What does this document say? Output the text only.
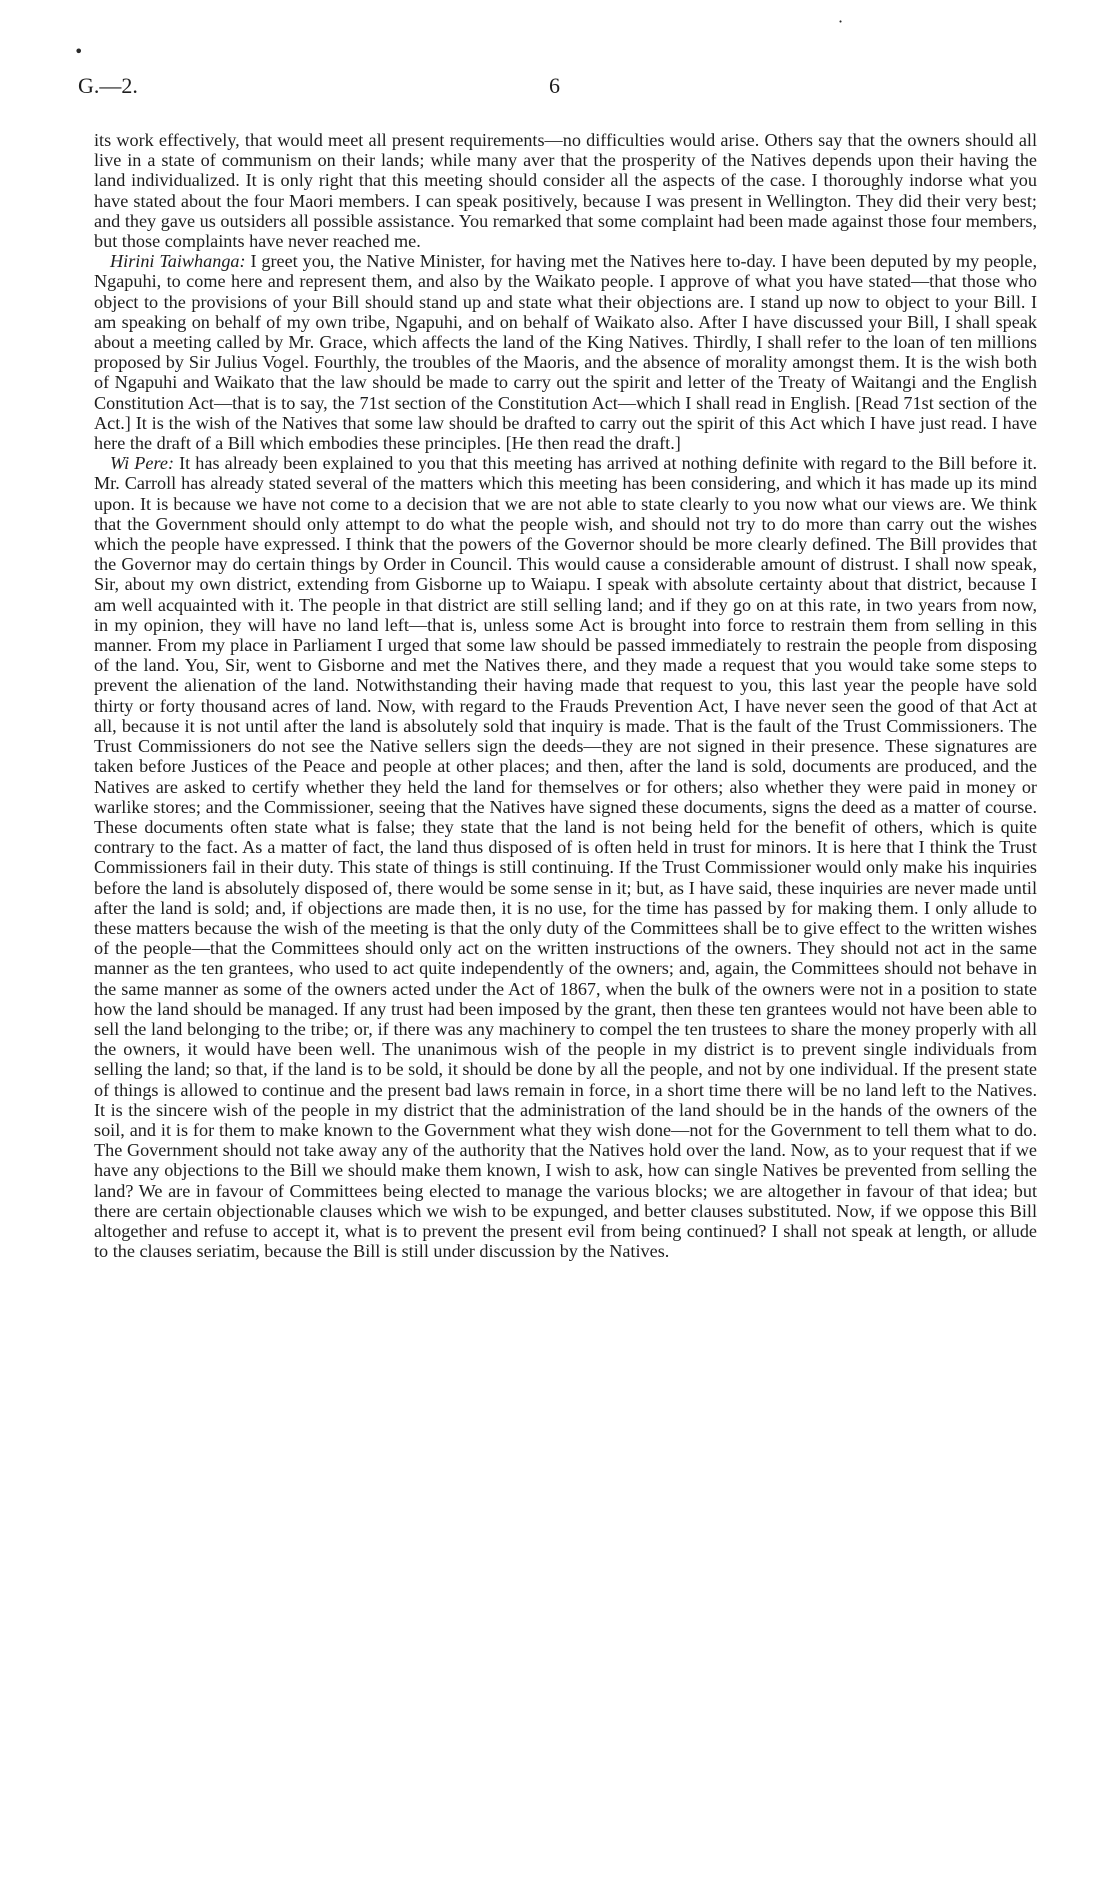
•
·
G.—2.	6

its work effectively, that would meet all present requirements—no difficulties would arise. Others say that the owners should all live in a state of communism on their lands; while many aver that the prosperity of the Natives depends upon their having the land individualized. It is only right that this meeting should consider all the aspects of the case. I thoroughly indorse what you have stated about the four Maori members. I can speak positively, because I was present in Wellington. They did their very best; and they gave us outsiders all possible assistance. You remarked that some complaint had been made against those four members, but those complaints have never reached me.

Hirini Taiwhanga: I greet you, the Native Minister, for having met the Natives here to-day. I have been deputed by my people, Ngapuhi, to come here and represent them, and also by the Waikato people. I approve of what you have stated—that those who object to the provisions of your Bill should stand up and state what their objections are. I stand up now to object to your Bill. I am speaking on behalf of my own tribe, Ngapuhi, and on behalf of Waikato also. After I have discussed your Bill, I shall speak about a meeting called by Mr. Grace, which affects the land of the King Natives. Thirdly, I shall refer to the loan of ten millions proposed by Sir Julius Vogel. Fourthly, the troubles of the Maoris, and the absence of morality amongst them. It is the wish both of Ngapuhi and Waikato that the law should be made to carry out the spirit and letter of the Treaty of Waitangi and the English Constitution Act—that is to say, the 71st section of the Constitution Act—which I shall read in English. [Read 71st section of the Act.] It is the wish of the Natives that some law should be drafted to carry out the spirit of this Act which I have just read. I have here the draft of a Bill which embodies these principles. [He then read the draft.]

Wi Pere: It has already been explained to you that this meeting has arrived at nothing definite with regard to the Bill before it. Mr. Carroll has already stated several of the matters which this meeting has been considering, and which it has made up its mind upon. It is because we have not come to a decision that we are not able to state clearly to you now what our views are. We think that the Government should only attempt to do what the people wish, and should not try to do more than carry out the wishes which the people have expressed. I think that the powers of the Governor should be more clearly defined. The Bill provides that the Governor may do certain things by Order in Council. This would cause a considerable amount of distrust. I shall now speak, Sir, about my own district, extending from Gisborne up to Waiapu. I speak with absolute certainty about that district, because I am well acquainted with it. The people in that district are still selling land; and if they go on at this rate, in two years from now, in my opinion, they will have no land left—that is, unless some Act is brought into force to restrain them from selling in this manner. From my place in Parliament I urged that some law should be passed immediately to restrain the people from disposing of the land. You, Sir, went to Gisborne and met the Natives there, and they made a request that you would take some steps to prevent the alienation of the land. Notwithstanding their having made that request to you, this last year the people have sold thirty or forty thousand acres of land. Now, with regard to the Frauds Prevention Act, I have never seen the good of that Act at all, because it is not until after the land is absolutely sold that inquiry is made. That is the fault of the Trust Commissioners. The Trust Commissioners do not see the Native sellers sign the deeds—they are not signed in their presence. These signatures are taken before Justices of the Peace and people at other places; and then, after the land is sold, documents are produced, and the Natives are asked to certify whether they held the land for themselves or for others; also whether they were paid in money or warlike stores; and the Commissioner, seeing that the Natives have signed these documents, signs the deed as a matter of course. These documents often state what is false; they state that the land is not being held for the benefit of others, which is quite contrary to the fact. As a matter of fact, the land thus disposed of is often held in trust for minors. It is here that I think the Trust Commissioners fail in their duty. This state of things is still continuing. If the Trust Commissioner would only make his inquiries before the land is absolutely disposed of, there would be some sense in it; but, as I have said, these inquiries are never made until after the land is sold; and, if objections are made then, it is no use, for the time has passed by for making them. I only allude to these matters because the wish of the meeting is that the only duty of the Committees shall be to give effect to the written wishes of the people—that the Committees should only act on the written instructions of the owners. They should not act in the same manner as the ten grantees, who used to act quite independently of the owners; and, again, the Committees should not behave in the same manner as some of the owners acted under the Act of 1867, when the bulk of the owners were not in a position to state how the land should be managed. If any trust had been imposed by the grant, then these ten grantees would not have been able to sell the land belonging to the tribe; or, if there was any machinery to compel the ten trustees to share the money properly with all the owners, it would have been well. The unanimous wish of the people in my district is to prevent single individuals from selling the land; so that, if the land is to be sold, it should be done by all the people, and not by one individual. If the present state of things is allowed to continue and the present bad laws remain in force, in a short time there will be no land left to the Natives. It is the sincere wish of the people in my district that the administration of the land should be in the hands of the owners of the soil, and it is for them to make known to the Government what they wish done—not for the Government to tell them what to do. The Government should not take away any of the authority that the Natives hold over the land. Now, as to your request that if we have any objections to the Bill we should make them known, I wish to ask, how can single Natives be prevented from selling the land? We are in favour of Committees being elected to manage the various blocks; we are altogether in favour of that idea; but there are certain objectionable clauses which we wish to be expunged, and better clauses substituted. Now, if we oppose this Bill altogether and refuse to accept it, what is to prevent the present evil from being continued? I shall not speak at length, or allude to the clauses seriatim, because the Bill is still under discussion by the Natives.
